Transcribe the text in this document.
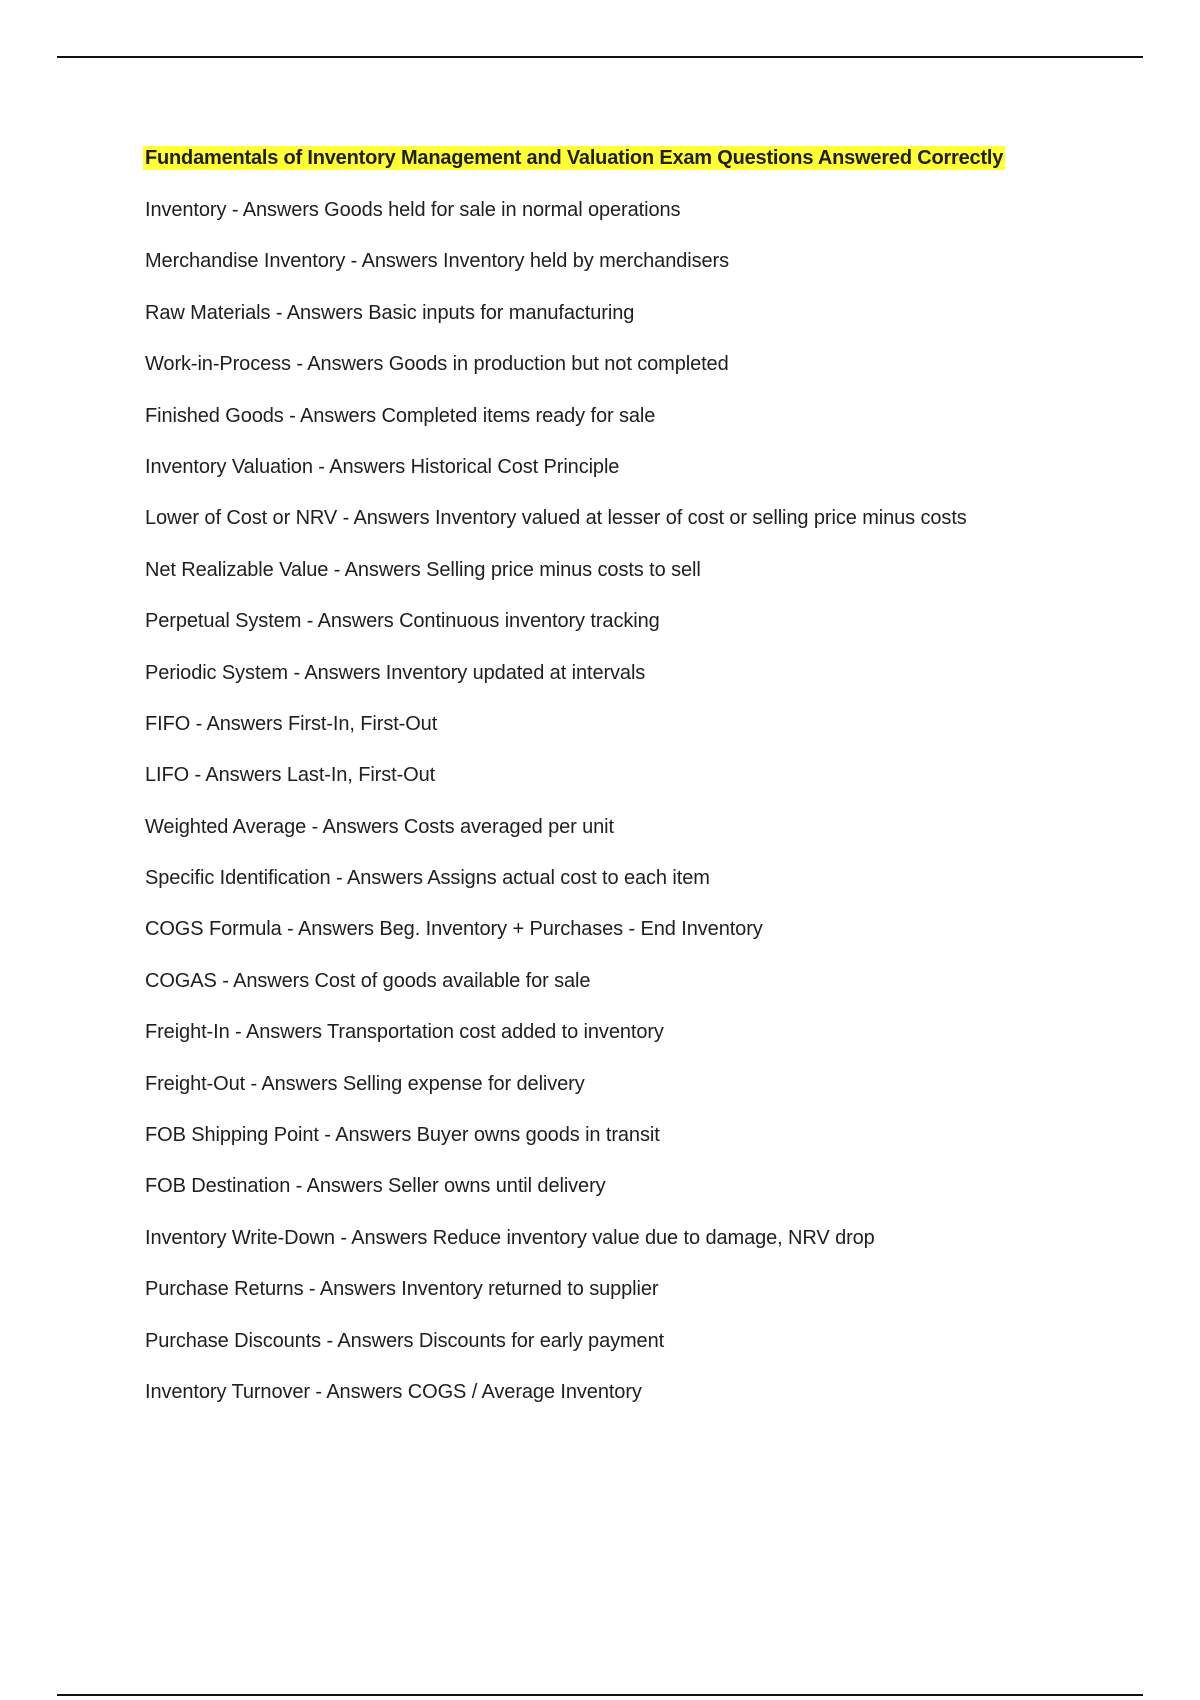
Fundamentals of Inventory Management and Valuation Exam Questions Answered Correctly
Inventory - Answers Goods held for sale in normal operations
Merchandise Inventory - Answers Inventory held by merchandisers
Raw Materials - Answers Basic inputs for manufacturing
Work-in-Process - Answers Goods in production but not completed
Finished Goods - Answers Completed items ready for sale
Inventory Valuation - Answers Historical Cost Principle
Lower of Cost or NRV - Answers Inventory valued at lesser of cost or selling price minus costs
Net Realizable Value - Answers Selling price minus costs to sell
Perpetual System - Answers Continuous inventory tracking
Periodic System - Answers Inventory updated at intervals
FIFO - Answers First-In, First-Out
LIFO - Answers Last-In, First-Out
Weighted Average - Answers Costs averaged per unit
Specific Identification - Answers Assigns actual cost to each item
COGS Formula - Answers Beg. Inventory + Purchases - End Inventory
COGAS - Answers Cost of goods available for sale
Freight-In - Answers Transportation cost added to inventory
Freight-Out - Answers Selling expense for delivery
FOB Shipping Point - Answers Buyer owns goods in transit
FOB Destination - Answers Seller owns until delivery
Inventory Write-Down - Answers Reduce inventory value due to damage, NRV drop
Purchase Returns - Answers Inventory returned to supplier
Purchase Discounts - Answers Discounts for early payment
Inventory Turnover - Answers COGS / Average Inventory
